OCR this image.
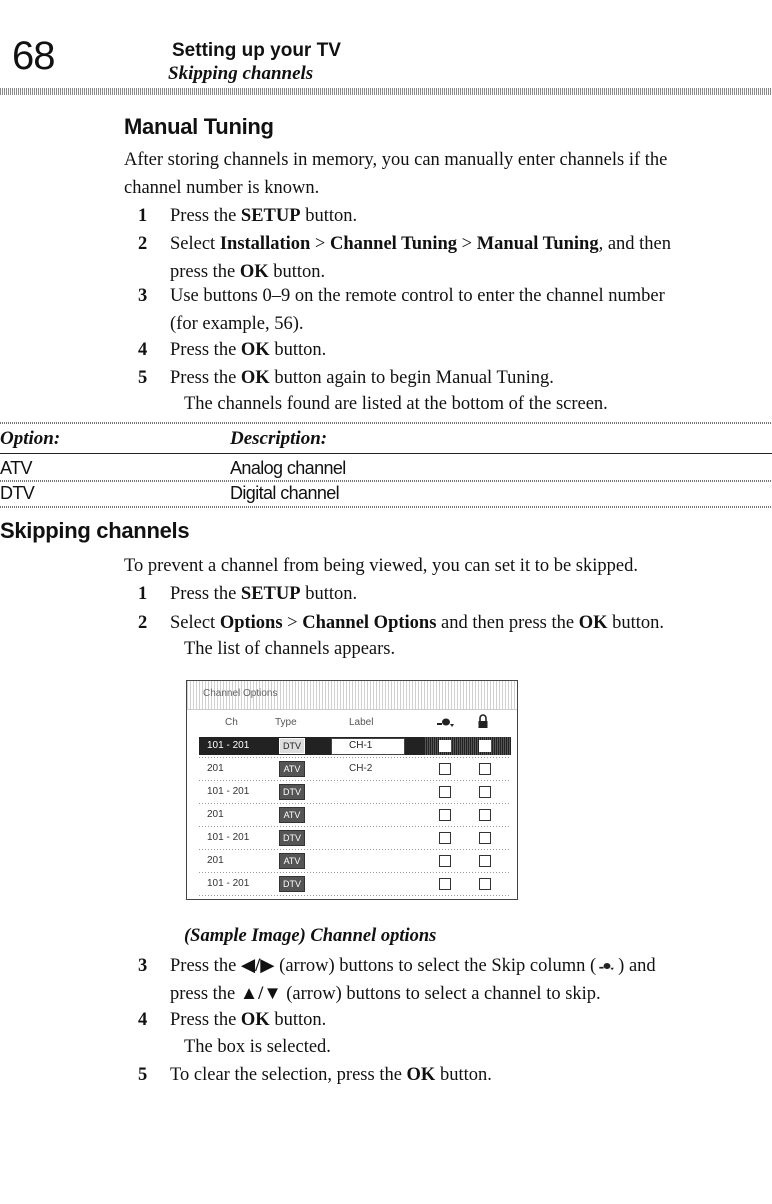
68	Setting up your TV
Skipping channels
Manual Tuning
After storing channels in memory, you can manually enter channels if the
channel number is known.
1 Press the SETUP button.
2 Select Installation > Channel Tuning > Manual Tuning, and then
press the OK button.
3 Use buttons 0–9 on the remote control to enter the channel number
(for example, 56).
4 Press the OK button.
5 Press the OK button again to begin Manual Tuning.
The channels found are listed at the bottom of the screen.
Option:	Description:
ATV	Analog channel
DTV	Digital channel
Skipping channels
To prevent a channel from being viewed, you can set it to be skipped.
1 Press the SETUP button.
2 Select Options > Channel Options and then press the OK button.
The list of channels appears.
Channel Options
Ch	Type	Label
101 - 201	DTV	CH-1
201	ATV	CH-2
101 - 201	DTV
201	ATV
101 - 201	DTV
201	ATV
101 - 201	DTV
(Sample Image) Channel options
3 Press the ◀/▶ (arrow) buttons to select the Skip column ( ) and
press the ▲/▼ (arrow) buttons to select a channel to skip.
4 Press the OK button.
The box is selected.
5 To clear the selection, press the OK button.
